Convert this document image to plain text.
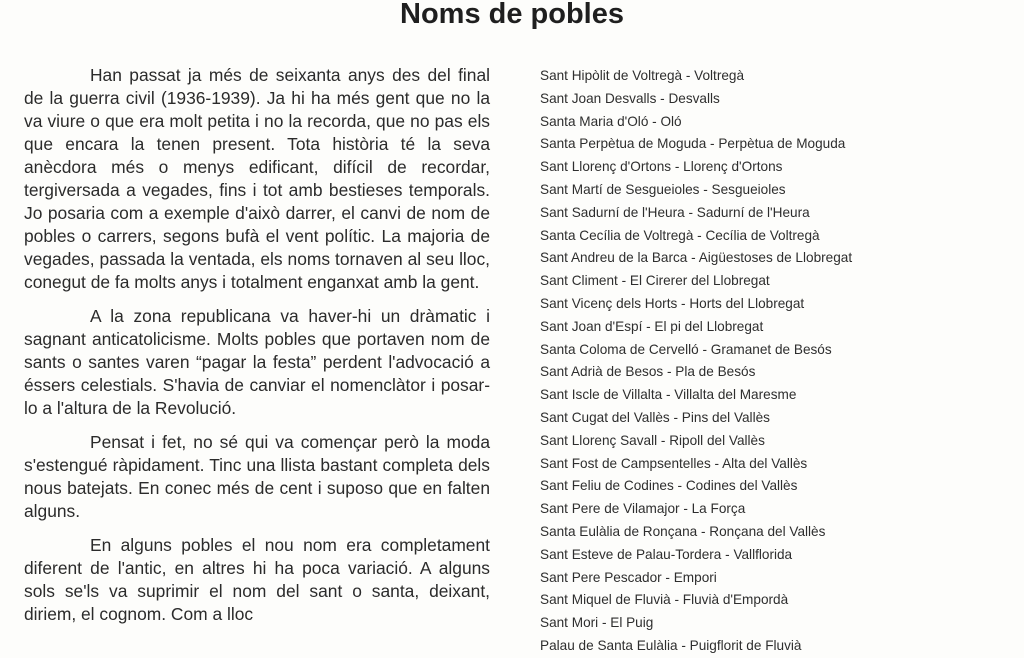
Noms de pobles

Han passat ja més de seixanta anys des del final de la guerra civil (1936-1939). Ja hi ha més gent que no la va viure o que era molt petita i no la recorda, que no pas els que encara la tenen present. Tota història té la seva anècdora més o menys edificant, difícil de recordar, tergiversada a vegades, fins i tot amb bestieses temporals. Jo posaria com a exemple d'això darrer, el canvi de nom de pobles o carrers, segons bufà el vent polític. La majoria de vegades, passada la ventada, els noms tornaven al seu lloc, conegut de fa molts anys i totalment enganxat amb la gent.

A la zona republicana va haver-hi un dràmatic i sagnant anticatolicisme. Molts pobles que portaven nom de sants o santes varen “pagar la festa” perdent l'advocació a éssers celestials. S'havia de canviar el nomenclàtor i posar-lo a l'altura de la Revolució.

Pensat i fet, no sé qui va començar però la moda s'estengué ràpidament. Tinc una llista bastant completa dels nous batejats. En conec més de cent i suposo que en falten alguns.

En alguns pobles el nou nom era completament diferent de l'antic, en altres hi ha poca variació. A alguns sols se'ls va suprimir el nom del sant o santa, deixant, diriem, el cognom. Com a lloc

Sant Hipòlit de Voltregà - Voltregà
Sant Joan Desvalls - Desvalls
Santa Maria d'Oló - Oló
Santa Perpètua de Moguda - Perpètua de Moguda
Sant Llorenç d'Ortons - Llorenç d'Ortons
Sant Martí de Sesgueioles - Sesgueioles
Sant Sadurní de l'Heura - Sadurní de l'Heura
Santa Cecília de Voltregà - Cecília de Voltregà
Sant Andreu de la Barca - Aigüestoses de Llobregat
Sant Climent - El Cirerer del Llobregat
Sant Vicenç dels Horts - Horts del Llobregat
Sant Joan d'Espí - El pi del Llobregat
Santa Coloma de Cervelló - Gramanet de Besós
Sant Adrià de Besos - Pla de Besós
Sant Iscle de Villalta - Villalta del Maresme
Sant Cugat del Vallès - Pins del Vallès
Sant Llorenç Savall - Ripoll del Vallès
Sant Fost de Campsentelles - Alta del Vallès
Sant Feliu de Codines - Codines del Vallès
Sant Pere de Vilamajor - La Força
Santa Eulàlia de Ronçana - Ronçana del Vallès
Sant Esteve de Palau-Tordera - Vallflorida
Sant Pere Pescador - Empori
Sant Miquel de Fluvià - Fluvià d'Empordà
Sant Mori - El Puig
Palau de Santa Eulàlia - Puigflorit de Fluvià
